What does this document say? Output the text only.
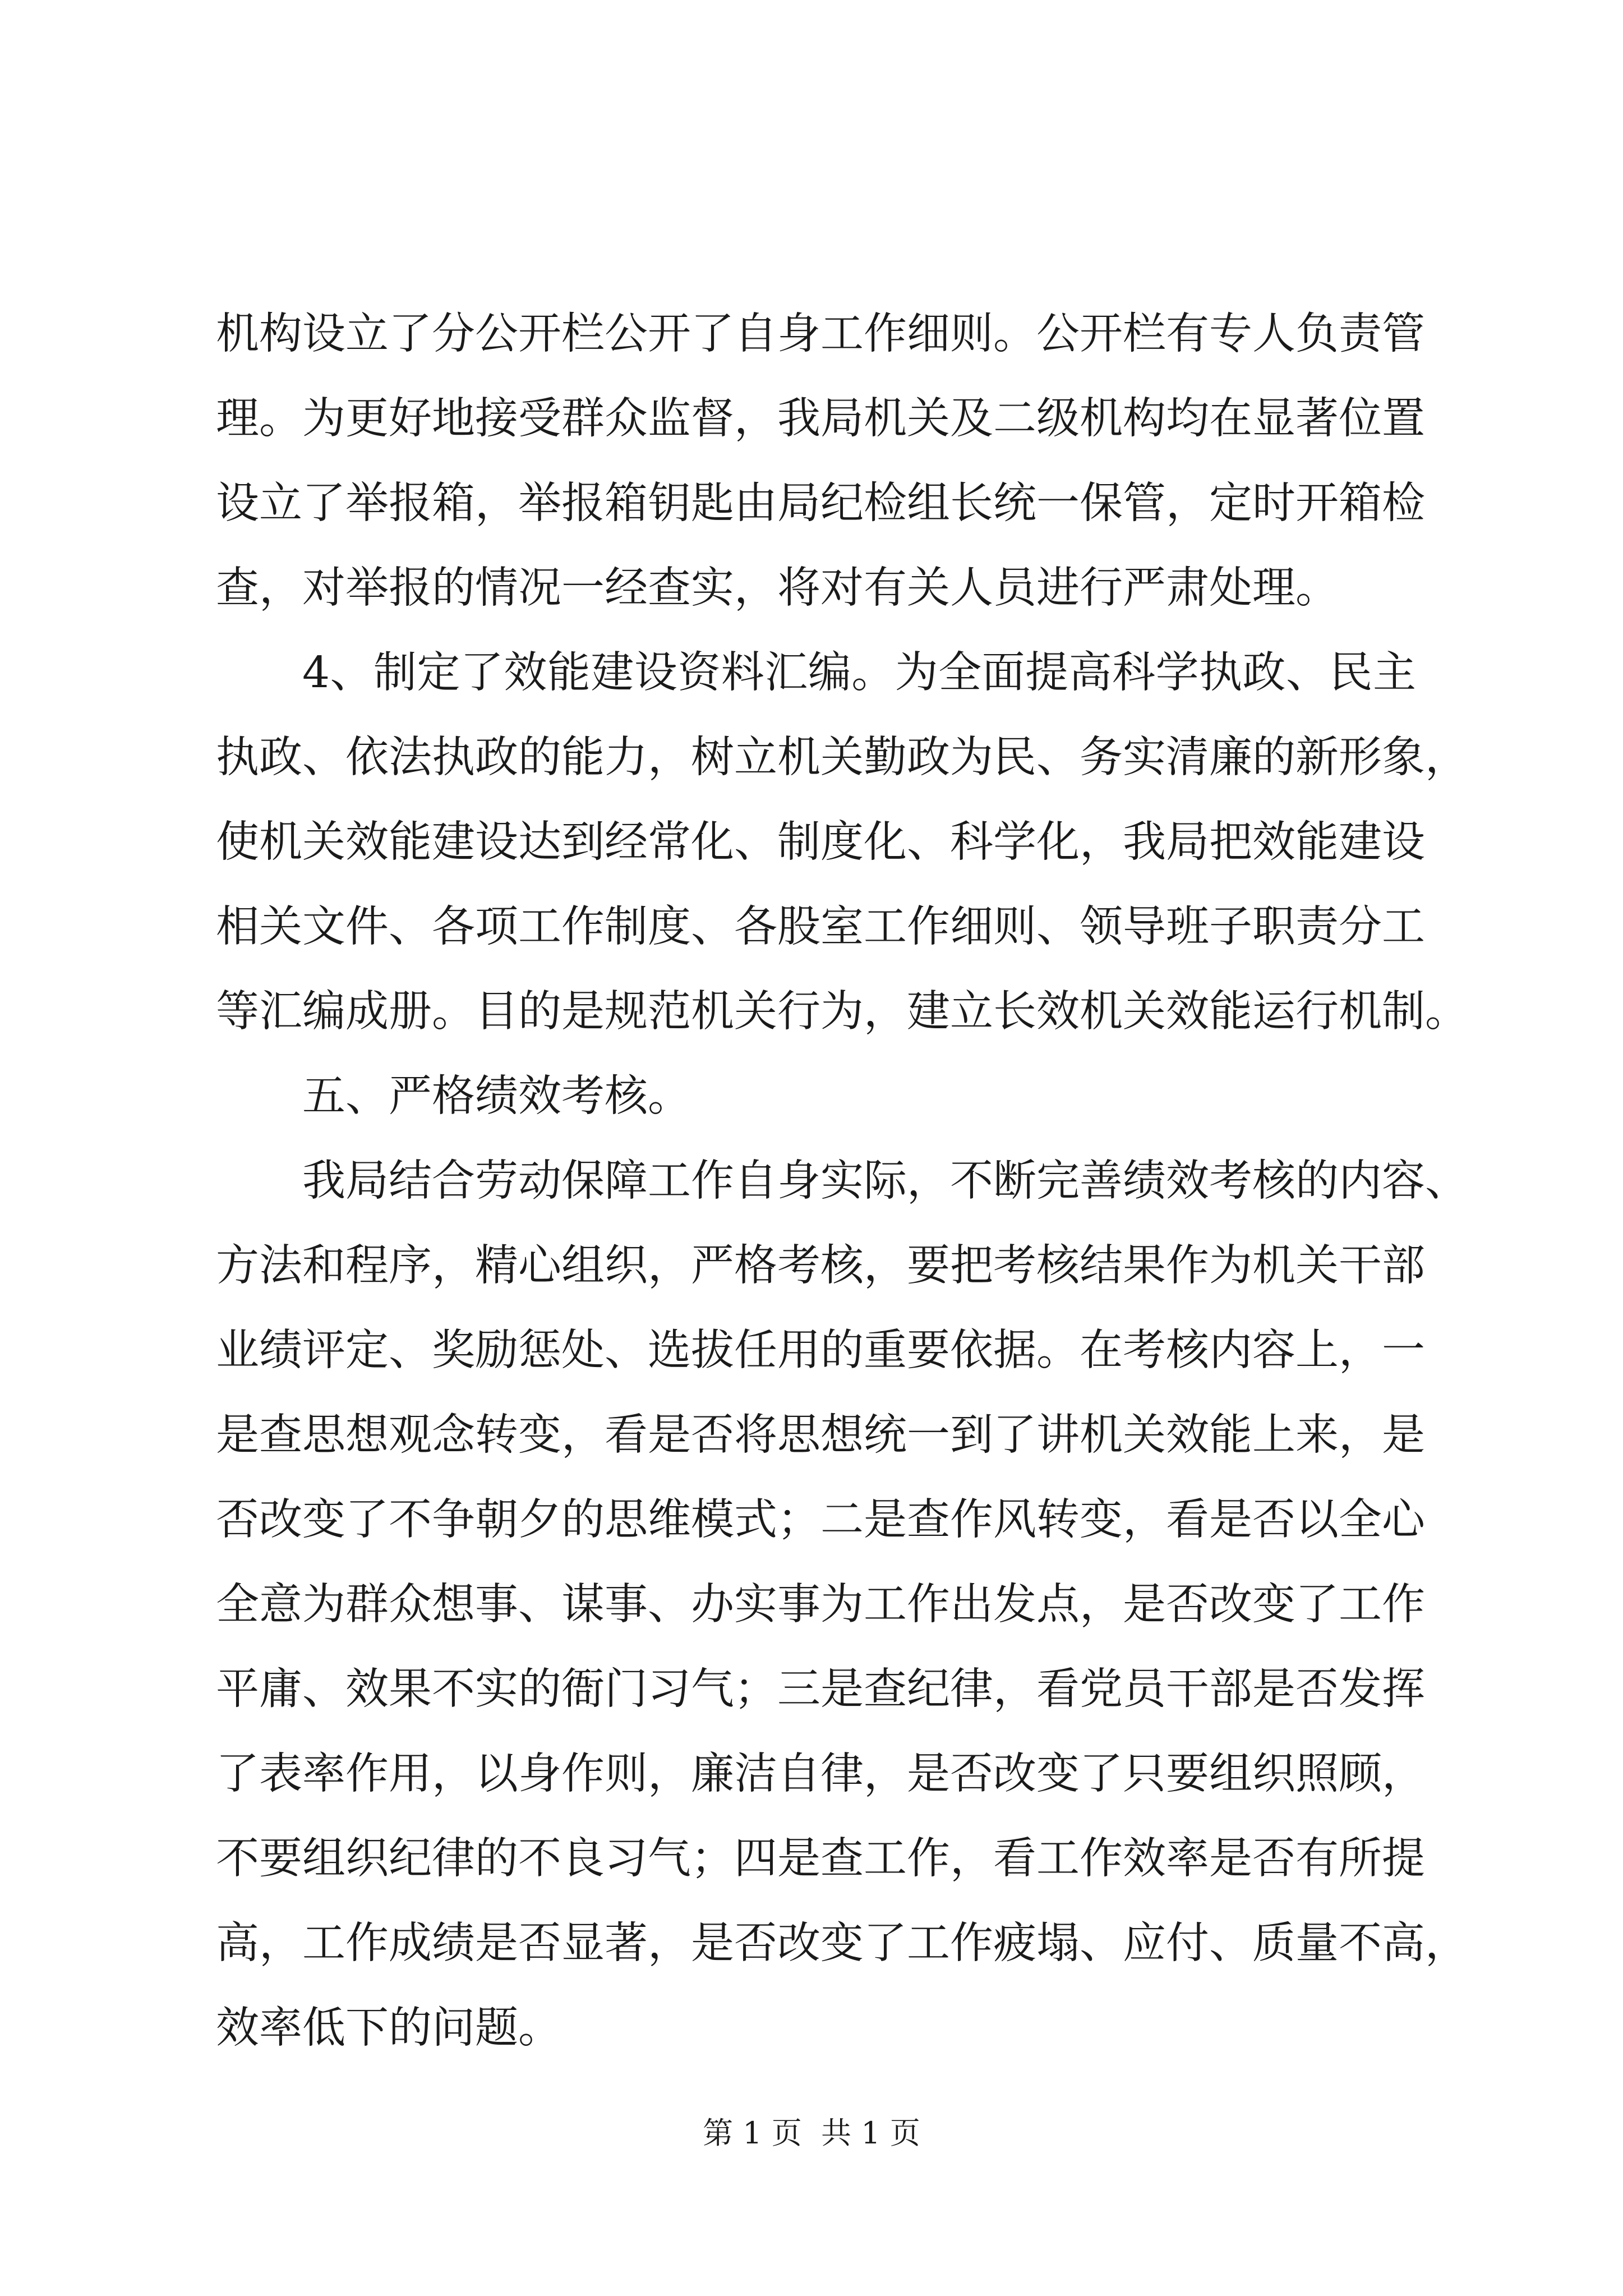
机构设立了分公开栏公开了自身工作细则。公开栏有专人负责管
理。为更好地接受群众监督，我局机关及二级机构均在显著位置
设立了举报箱，举报箱钥匙由局纪检组长统一保管，定时开箱检
查，对举报的情况一经查实，将对有关人员进行严肃处理。
4、制定了效能建设资料汇编。为全面提高科学执政、民主
执政、依法执政的能力，树立机关勤政为民、务实清廉的新形象，
使机关效能建设达到经常化、制度化、科学化，我局把效能建设
相关文件、各项工作制度、各股室工作细则、领导班子职责分工
等汇编成册。目的是规范机关行为，建立长效机关效能运行机制。
五、严格绩效考核。
我局结合劳动保障工作自身实际，不断完善绩效考核的内容、
方法和程序，精心组织，严格考核，要把考核结果作为机关干部
业绩评定、奖励惩处、选拔任用的重要依据。在考核内容上，一
是查思想观念转变，看是否将思想统一到了讲机关效能上来，是
否改变了不争朝夕的思维模式；二是查作风转变，看是否以全心
全意为群众想事、谋事、办实事为工作出发点，是否改变了工作
平庸、效果不实的衙门习气；三是查纪律，看党员干部是否发挥
了表率作用，以身作则，廉洁自律，是否改变了只要组织照顾，
不要组织纪律的不良习气；四是查工作，看工作效率是否有所提
高，工作成绩是否显著，是否改变了工作疲塌、应付、质量不高，
效率低下的问题。
第 1 页  共 1 页
